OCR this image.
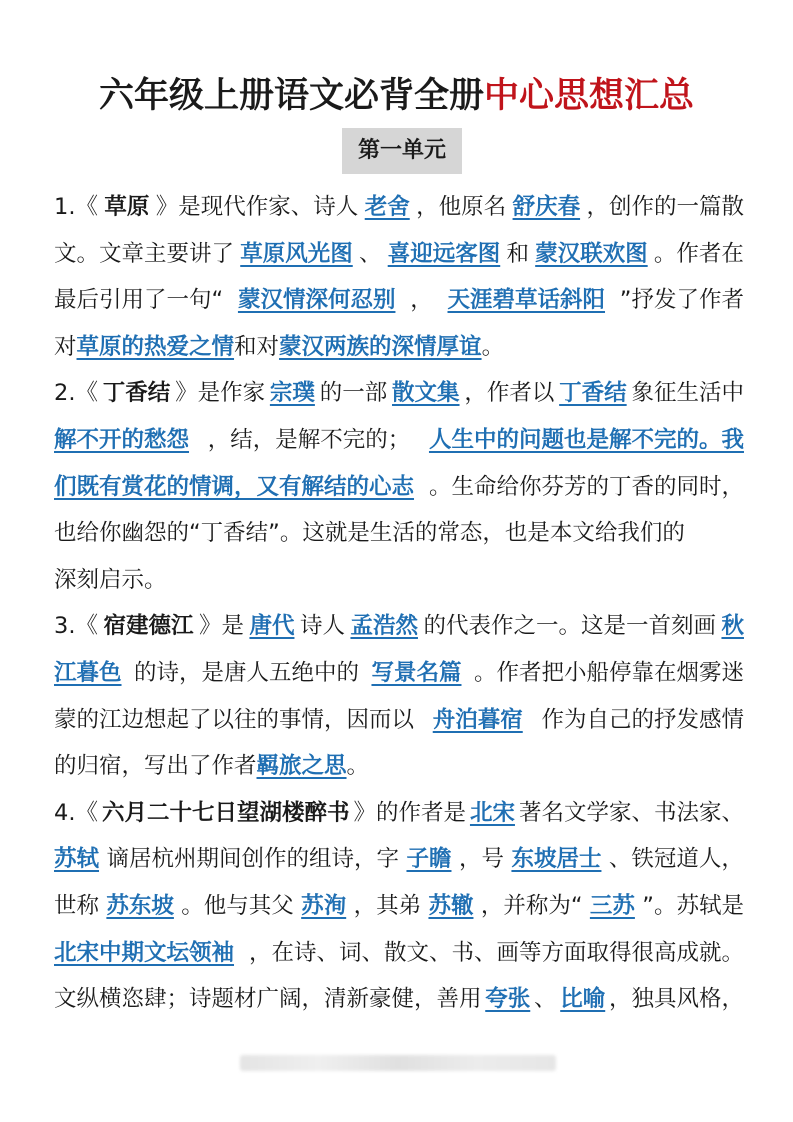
六年级上册语文必背全册中心思想汇总
第一单元
1.《 草原 》是现代作家、诗人 老舍 ，他原名 舒庆春 ，创作的一篇散
文。文章主要讲了 草原风光图 、 喜迎远客图 和 蒙汉联欢图 。作者在
最后引用了一句“ 蒙汉情深何忍别 ， 天涯碧草话斜阳 ”抒发了作者
对 草原的热爱之情 和对 蒙汉两族的深情厚谊 。
2.《 丁香结 》是作家 宗璞 的一部 散文集 ，作者以 丁香结 象征生活中
解不开的愁怨 ，结，是解不完的； 人生中的问题也是解不完的。我
们既有赏花的情调，又有解结的心志 。生命给你芬芳的丁香的同时，
也给你幽怨的“丁香结”。这就是生活的常态，也是本文给我们的
深刻启示。
3.《 宿建德江 》是 唐代 诗人 孟浩然 的代表作之一。这是一首刻画 秋
江暮色 的诗，是唐人五绝中的 写景名篇 。作者把小船停靠在烟雾迷
蒙的江边想起了以往的事情，因而以 舟泊暮宿 作为自己的抒发感情
的归宿，写出了作者 羁旅之思 。
4.《 六月二十七日望湖楼醉书 》的作者是 北宋 著名文学家、书法家、
苏轼 谪居杭州期间创作的组诗，字 子瞻 ，号 东坡居士 、铁冠道人，
世称 苏东坡 。他与其父 苏洵 ，其弟 苏辙 ，并称为“ 三苏 ”。苏轼是
北宋中期文坛领袖 ，在诗、词、散文、书、画等方面取得很高成就。
文纵横恣肆；诗题材广阔，清新豪健，善用 夸张 、 比喻 ，独具风格，
